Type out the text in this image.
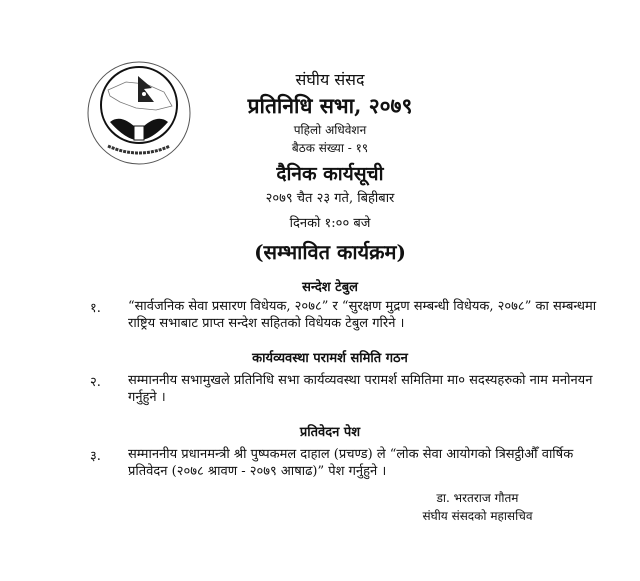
संघीय संसद
प्रतिनिधि सभा, २०७९
पहिलो अधिवेशन
बैठक संख्या - १९
दैनिक कार्यसूची
२०७९ चैत २३ गते, बिहीबार
दिनको १:०० बजे
(सम्भावित कार्यक्रम)
सन्देश टेबुल
१. “सार्वजनिक सेवा प्रसारण विधेयक, २०७८” र “सुरक्षण मुद्रण सम्बन्धी विधेयक, २०७८” का सम्बन्धमा राष्ट्रिय सभाबाट प्राप्त सन्देश सहितको विधेयक टेबुल गरिने ।
कार्यव्यवस्था परामर्श समिति गठन
२. सम्माननीय सभामुखले प्रतिनिधि सभा कार्यव्यवस्था परामर्श समितिमा मा० सदस्यहरुको नाम मनोनयन गर्नुहुने ।
प्रतिवेदन पेश
३. सम्माननीय प्रधानमन्त्री श्री पुष्पकमल दाहाल (प्रचण्ड) ले “लोक सेवा आयोगको त्रिसट्ठीऔँ वार्षिक प्रतिवेदन (२०७८ श्रावण - २०७९ आषाढ)” पेश गर्नुहुने ।
डा. भरतराज गौतम
संघीय संसदको महासचिव
